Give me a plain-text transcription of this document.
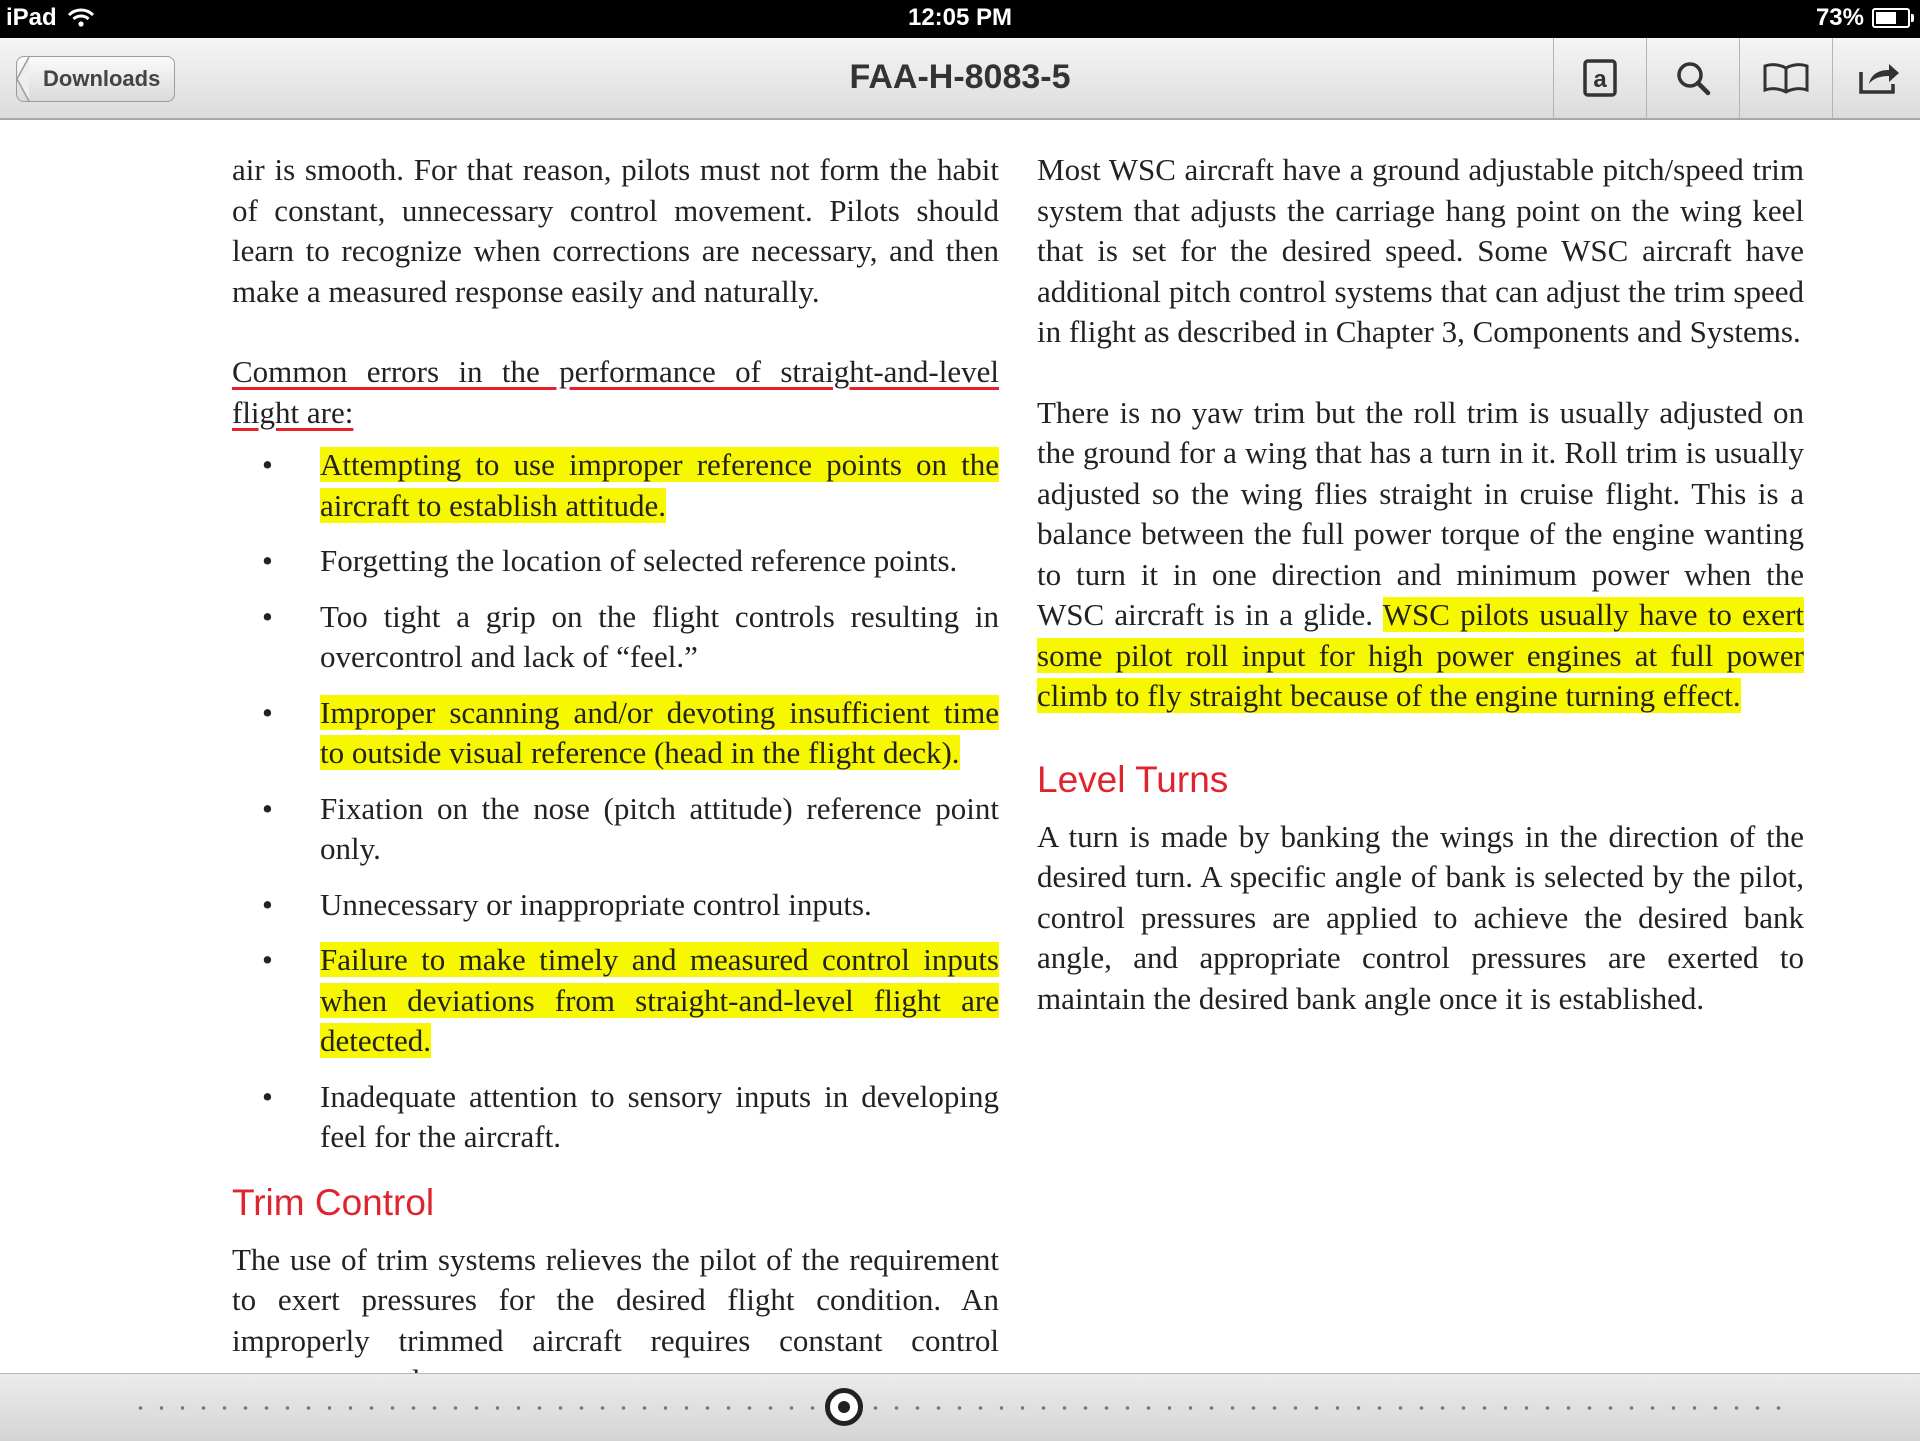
iPad	12:05 PM	73%
Downloads	FAA-H-8083-5	a

air is smooth. For that reason, pilots must not form the habit of constant, unnecessary control movement. Pilots should learn to recognize when corrections are necessary, and then make a measured response easily and naturally.

Common errors in the performance of straight-and-level flight are:

• Attempting to use improper reference points on the aircraft to establish attitude.
• Forgetting the location of selected reference points.
• Too tight a grip on the flight controls resulting in overcontrol and lack of “feel.”
• Improper scanning and/or devoting insufficient time to outside visual reference (head in the flight deck).
• Fixation on the nose (pitch attitude) reference point only.
• Unnecessary or inappropriate control inputs.
• Failure to make timely and measured control inputs when deviations from straight-and-level flight are detected.
• Inadequate attention to sensory inputs in developing feel for the aircraft.
Trim Control

The use of trim systems relieves the pilot of the requirement to exert pressures for the desired flight condition. An improperly trimmed aircraft requires constant control

Most WSC aircraft have a ground adjustable pitch/speed trim system that adjusts the carriage hang point on the wing keel that is set for the desired speed. Some WSC aircraft have additional pitch control systems that can adjust the trim speed in flight as described in Chapter 3, Components and Systems.

There is no yaw trim but the roll trim is usually adjusted on the ground for a wing that has a turn in it. Roll trim is usually adjusted so the wing flies straight in cruise flight. This is a balance between the full power torque of the engine wanting to turn it in one direction and minimum power when the WSC aircraft is in a glide. WSC pilots usually have to exert some pilot roll input for high power engines at full power climb to fly straight because of the engine turning effect.

Level Turns

A turn is made by banking the wings in the direction of the desired turn. A specific angle of bank is selected by the pilot, control pressures are applied to achieve the desired bank angle, and appropriate control pressures are exerted to maintain the desired bank angle once it is established.
